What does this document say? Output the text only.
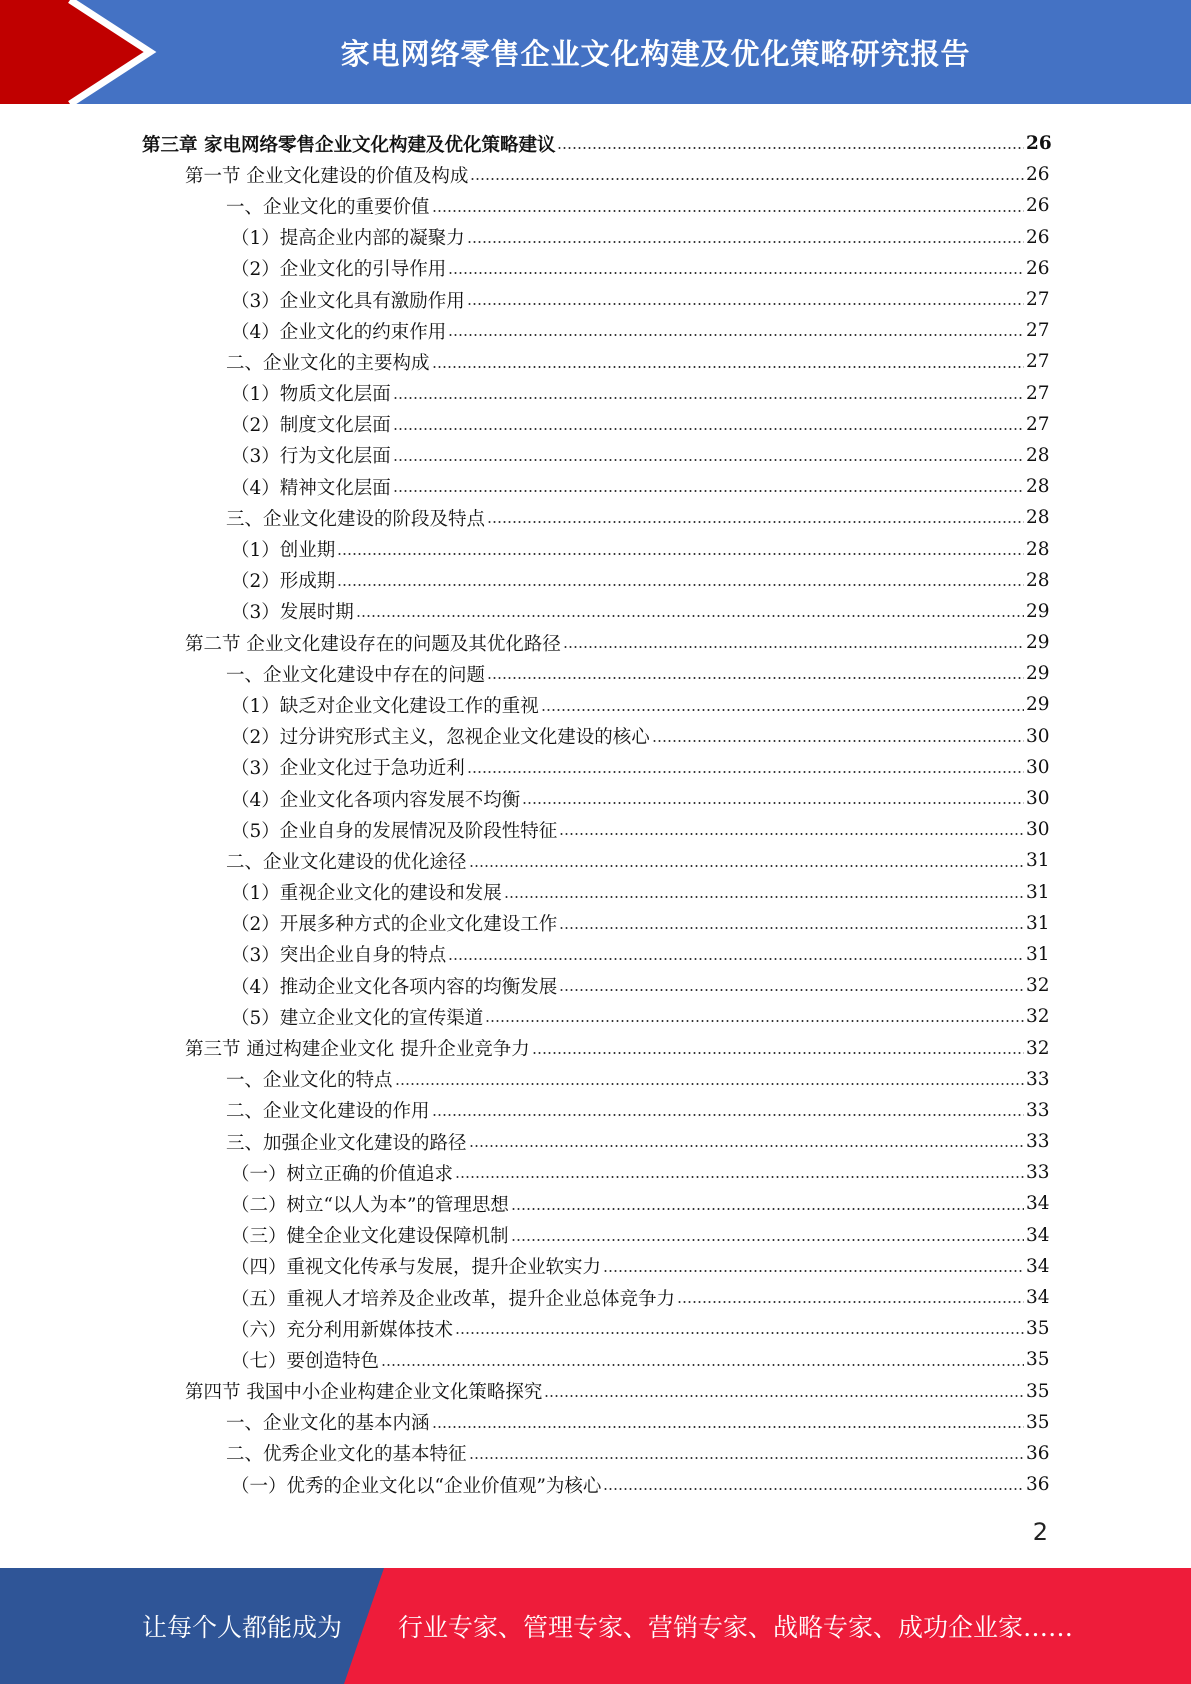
家电网络零售企业文化构建及优化策略研究报告
第三章 家电网络零售企业文化构建及优化策略建议	26
第一节 企业文化建设的价值及构成	26
一、企业文化的重要价值	26
（1）提高企业内部的凝聚力	26
（2）企业文化的引导作用	26
（3）企业文化具有激励作用	27
（4）企业文化的约束作用	27
二、企业文化的主要构成	27
（1）物质文化层面	27
（2）制度文化层面	27
（3）行为文化层面	28
（4）精神文化层面	28
三、企业文化建设的阶段及特点	28
（1）创业期	28
（2）形成期	28
（3）发展时期	29
第二节 企业文化建设存在的问题及其优化路径	29
一、企业文化建设中存在的问题	29
（1）缺乏对企业文化建设工作的重视	29
（2）过分讲究形式主义，忽视企业文化建设的核心	30
（3）企业文化过于急功近利	30
（4）企业文化各项内容发展不均衡	30
（5）企业自身的发展情况及阶段性特征	30
二、企业文化建设的优化途径	31
（1）重视企业文化的建设和发展	31
（2）开展多种方式的企业文化建设工作	31
（3）突出企业自身的特点	31
（4）推动企业文化各项内容的均衡发展	32
（5）建立企业文化的宣传渠道	32
第三节 通过构建企业文化 提升企业竞争力	32
一、企业文化的特点	33
二、企业文化建设的作用	33
三、加强企业文化建设的路径	33
（一）树立正确的价值追求	33
（二）树立“以人为本”的管理思想	34
（三）健全企业文化建设保障机制	34
（四）重视文化传承与发展，提升企业软实力	34
（五）重视人才培养及企业改革，提升企业总体竞争力	34
（六）充分利用新媒体技术	35
（七）要创造特色	35
第四节 我国中小企业构建企业文化策略探究	35
一、企业文化的基本内涵	35
二、优秀企业文化的基本特征	36
（一）优秀的企业文化以“企业价值观”为核心	36
2
让每个人都能成为 行业专家、管理专家、营销专家、战略专家、成功企业家……
